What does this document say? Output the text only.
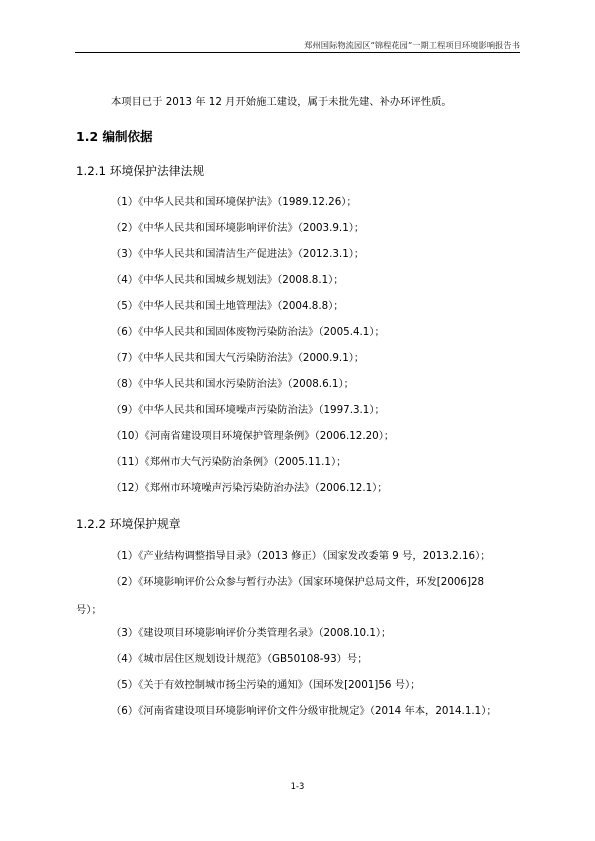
郑州国际物流园区“锦程花园”一期工程项目环境影响报告书
本项目已于 2013 年 12 月开始施工建设，属于未批先建、补办环评性质。
1.2 编制依据
1.2.1 环境保护法律法规
（1）《中华人民共和国环境保护法》（1989.12.26）；
（2）《中华人民共和国环境影响评价法》（2003.9.1）；
（3）《中华人民共和国清洁生产促进法》（2012.3.1）；
（4）《中华人民共和国城乡规划法》（2008.8.1）；
（5）《中华人民共和国土地管理法》（2004.8.8）；
（6）《中华人民共和国固体废物污染防治法》（2005.4.1）；
（7）《中华人民共和国大气污染防治法》（2000.9.1）；
（8）《中华人民共和国水污染防治法》（2008.6.1）；
（9）《中华人民共和国环境噪声污染防治法》（1997.3.1）；
（10）《河南省建设项目环境保护管理条例》（2006.12.20）；
（11）《郑州市大气污染防治条例》（2005.11.1）；
（12）《郑州市环境噪声污染污染防治办法》（2006.12.1）；
1.2.2 环境保护规章
（1）《产业结构调整指导目录》（2013 修正）（国家发改委第 9 号，2013.2.16）；
（2）《环境影响评价公众参与暂行办法》（国家环境保护总局文件，环发[2006]28
号）；
（3）《建设项目环境影响评价分类管理名录》（2008.10.1）；
（4）《城市居住区规划设计规范》（GB50108-93）号；
（5）《关于有效控制城市扬尘污染的通知》（国环发[2001]56 号）；
（6）《河南省建设项目环境影响评价文件分级审批规定》（2014 年本，2014.1.1）；
1-3
